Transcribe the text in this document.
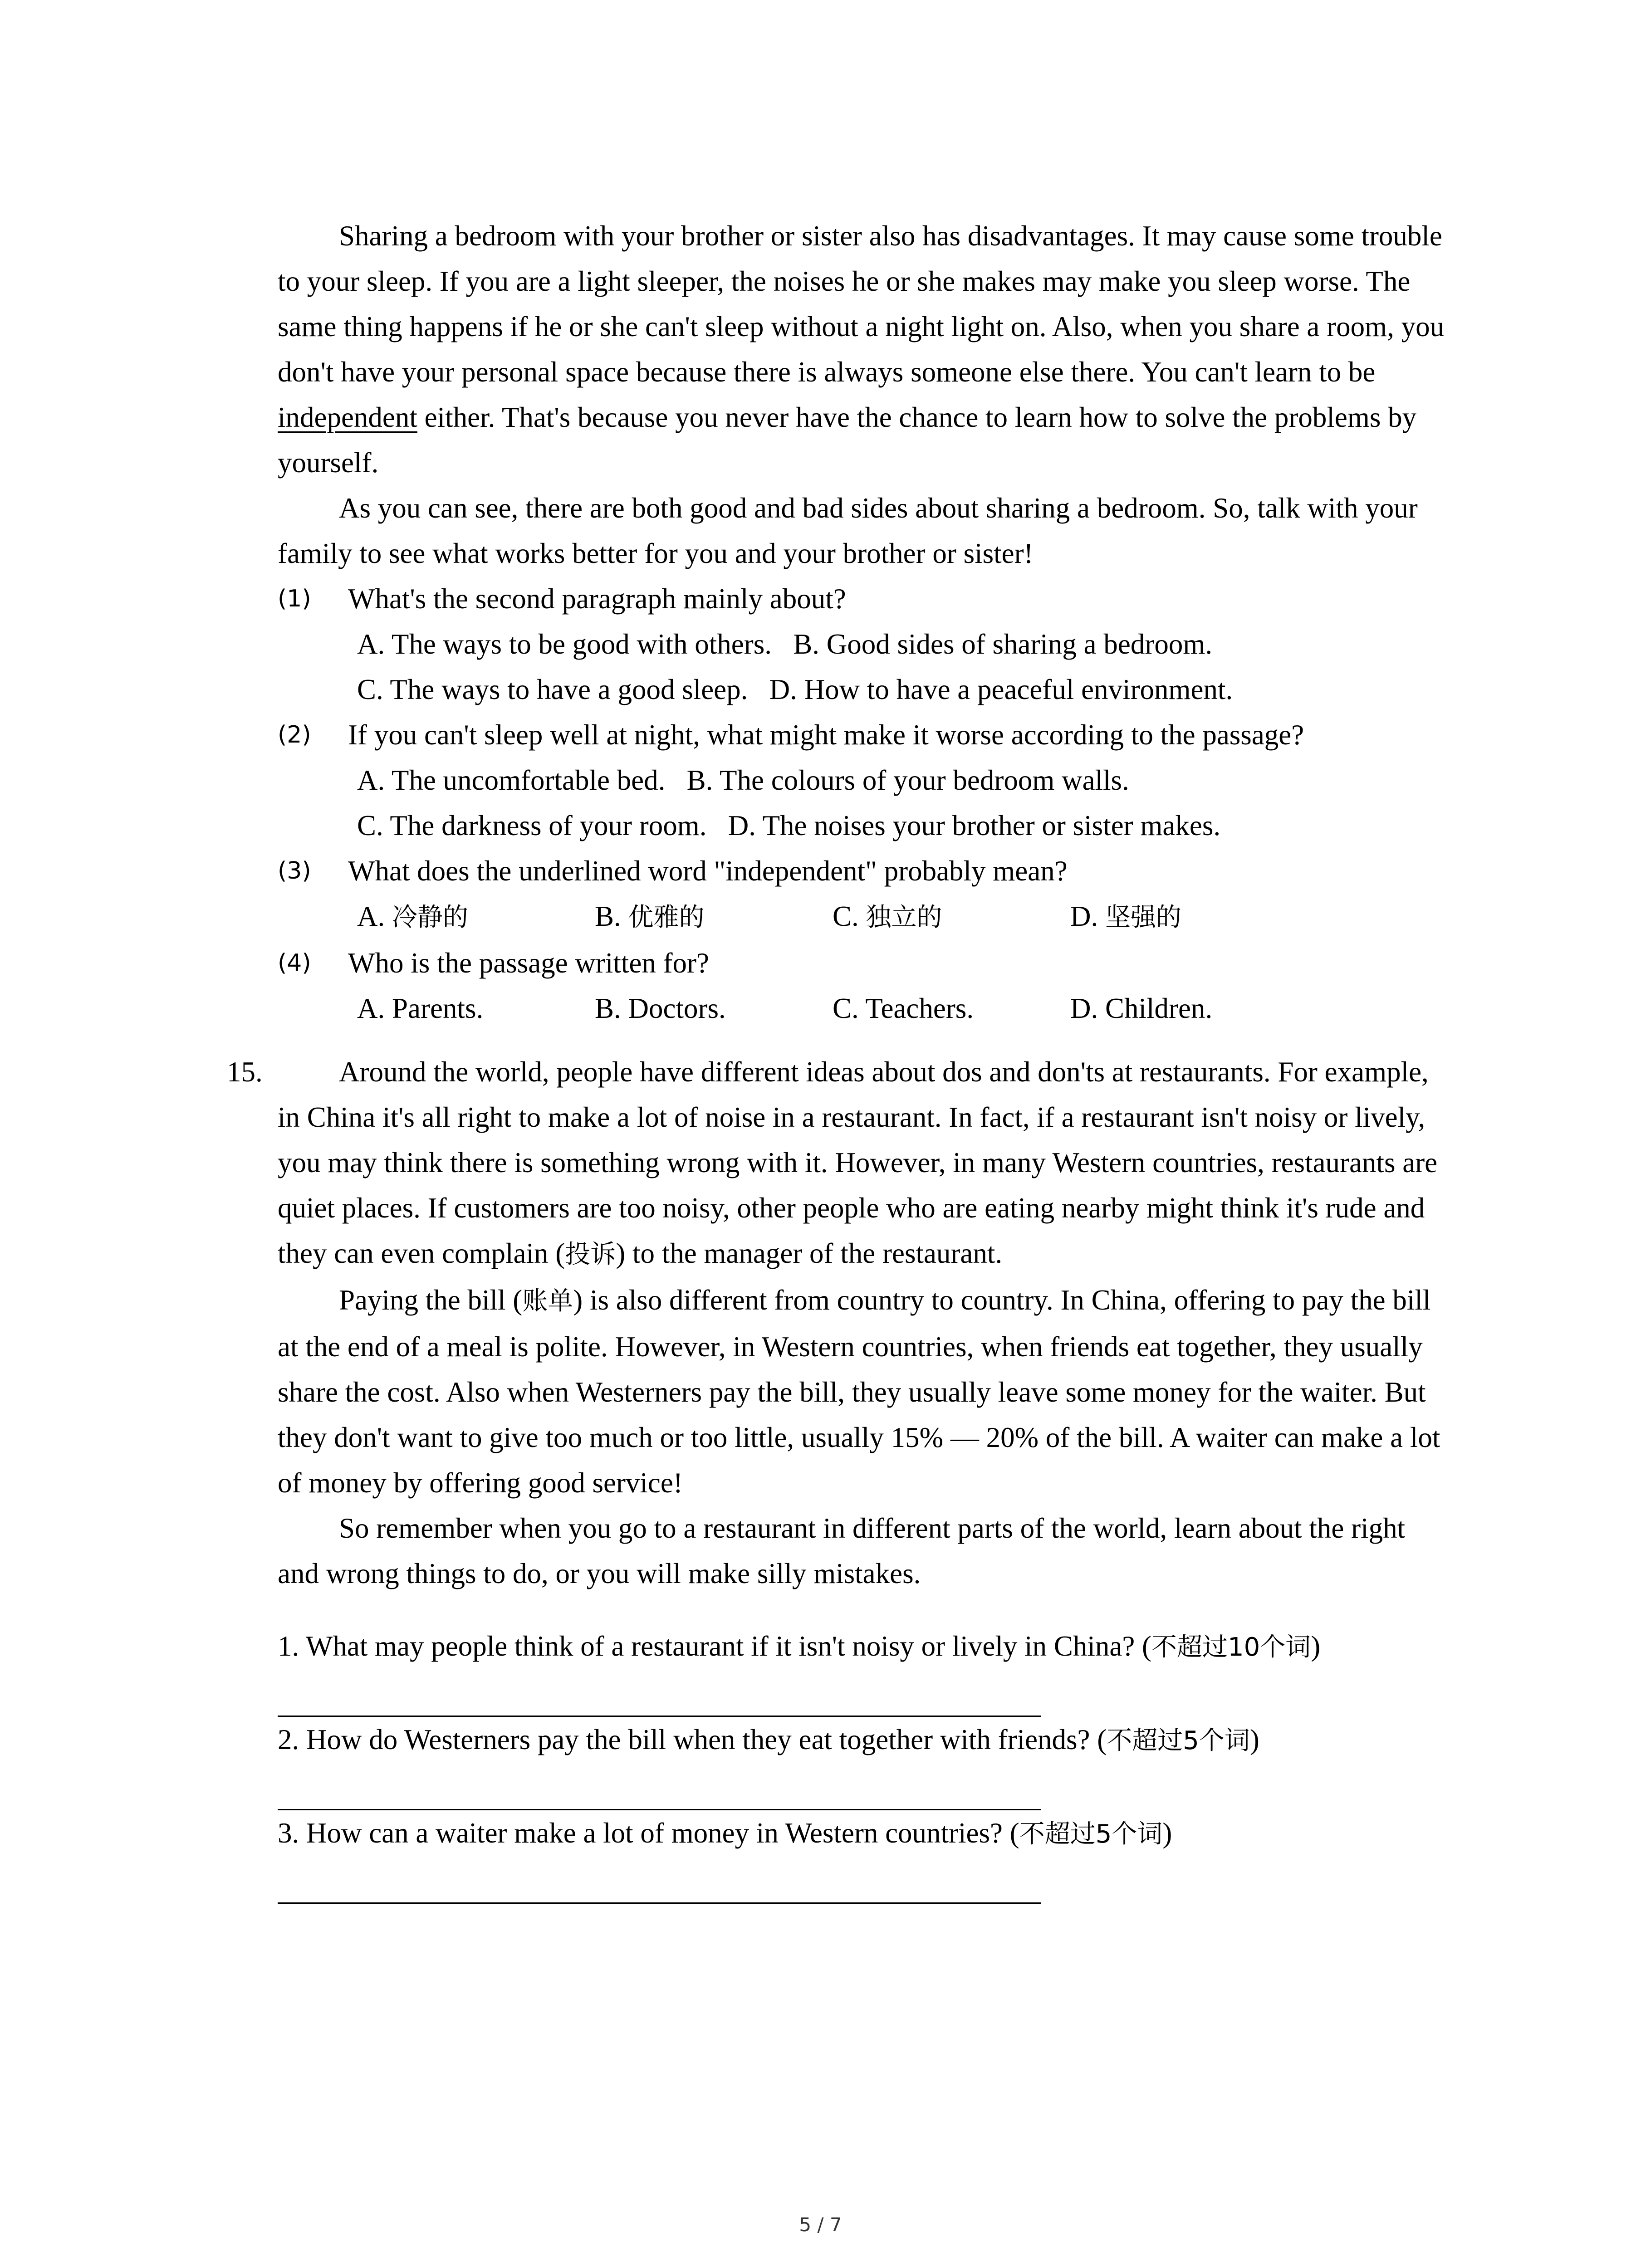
Sharing a bedroom with your brother or sister also has disadvantages. It may cause some trouble to your sleep. If you are a light sleeper, the noises he or she makes may make you sleep worse. The same thing happens if he or she can't sleep without a night light on. Also, when you share a room, you don't have your personal space because there is always someone else there. You can't learn to be independent either. That's because you never have the chance to learn how to solve the problems by yourself.

As you can see, there are both good and bad sides about sharing a bedroom. So, talk with your family to see what works better for you and your brother or sister!

(1) What's the second paragraph mainly about?
A. The ways to be good with others. B. Good sides of sharing a bedroom.
C. The ways to have a good sleep. D. How to have a peaceful environment.
(2) If you can't sleep well at night, what might make it worse according to the passage?
A. The uncomfortable bed. B. The colours of your bedroom walls.
C. The darkness of your room. D. The noises your brother or sister makes.
(3) What does the underlined word "independent" probably mean?
A. 冷静的	B. 优雅的	C. 独立的	D. 坚强的
(4) Who is the passage written for?
A. Parents.	B. Doctors.	C. Teachers.	D. Children.
15.	Around the world, people have different ideas about dos and don'ts at restaurants. For example, in China it's all right to make a lot of noise in a restaurant. In fact, if a restaurant isn't noisy or lively, you may think there is something wrong with it. However, in many Western countries, restaurants are quiet places. If customers are too noisy, other people who are eating nearby might think it's rude and they can even complain (投诉) to the manager of the restaurant.

Paying the bill (账单) is also different from country to country. In China, offering to pay the bill at the end of a meal is polite. However, in Western countries, when friends eat together, they usually share the cost. Also when Westerners pay the bill, they usually leave some money for the waiter. But they don't want to give too much or too little, usually 15% — 20% of the bill. A waiter can make a lot of money by offering good service!

So remember when you go to a restaurant in different parts of the world, learn about the right and wrong things to do, or you will make silly mistakes.

1. What may people think of a restaurant if it isn't noisy or lively in China? (不超过10个词)
2. How do Westerners pay the bill when they eat together with friends? (不超过5个词)
3. How can a waiter make a lot of money in Western countries? (不超过5个词)
5 / 7
